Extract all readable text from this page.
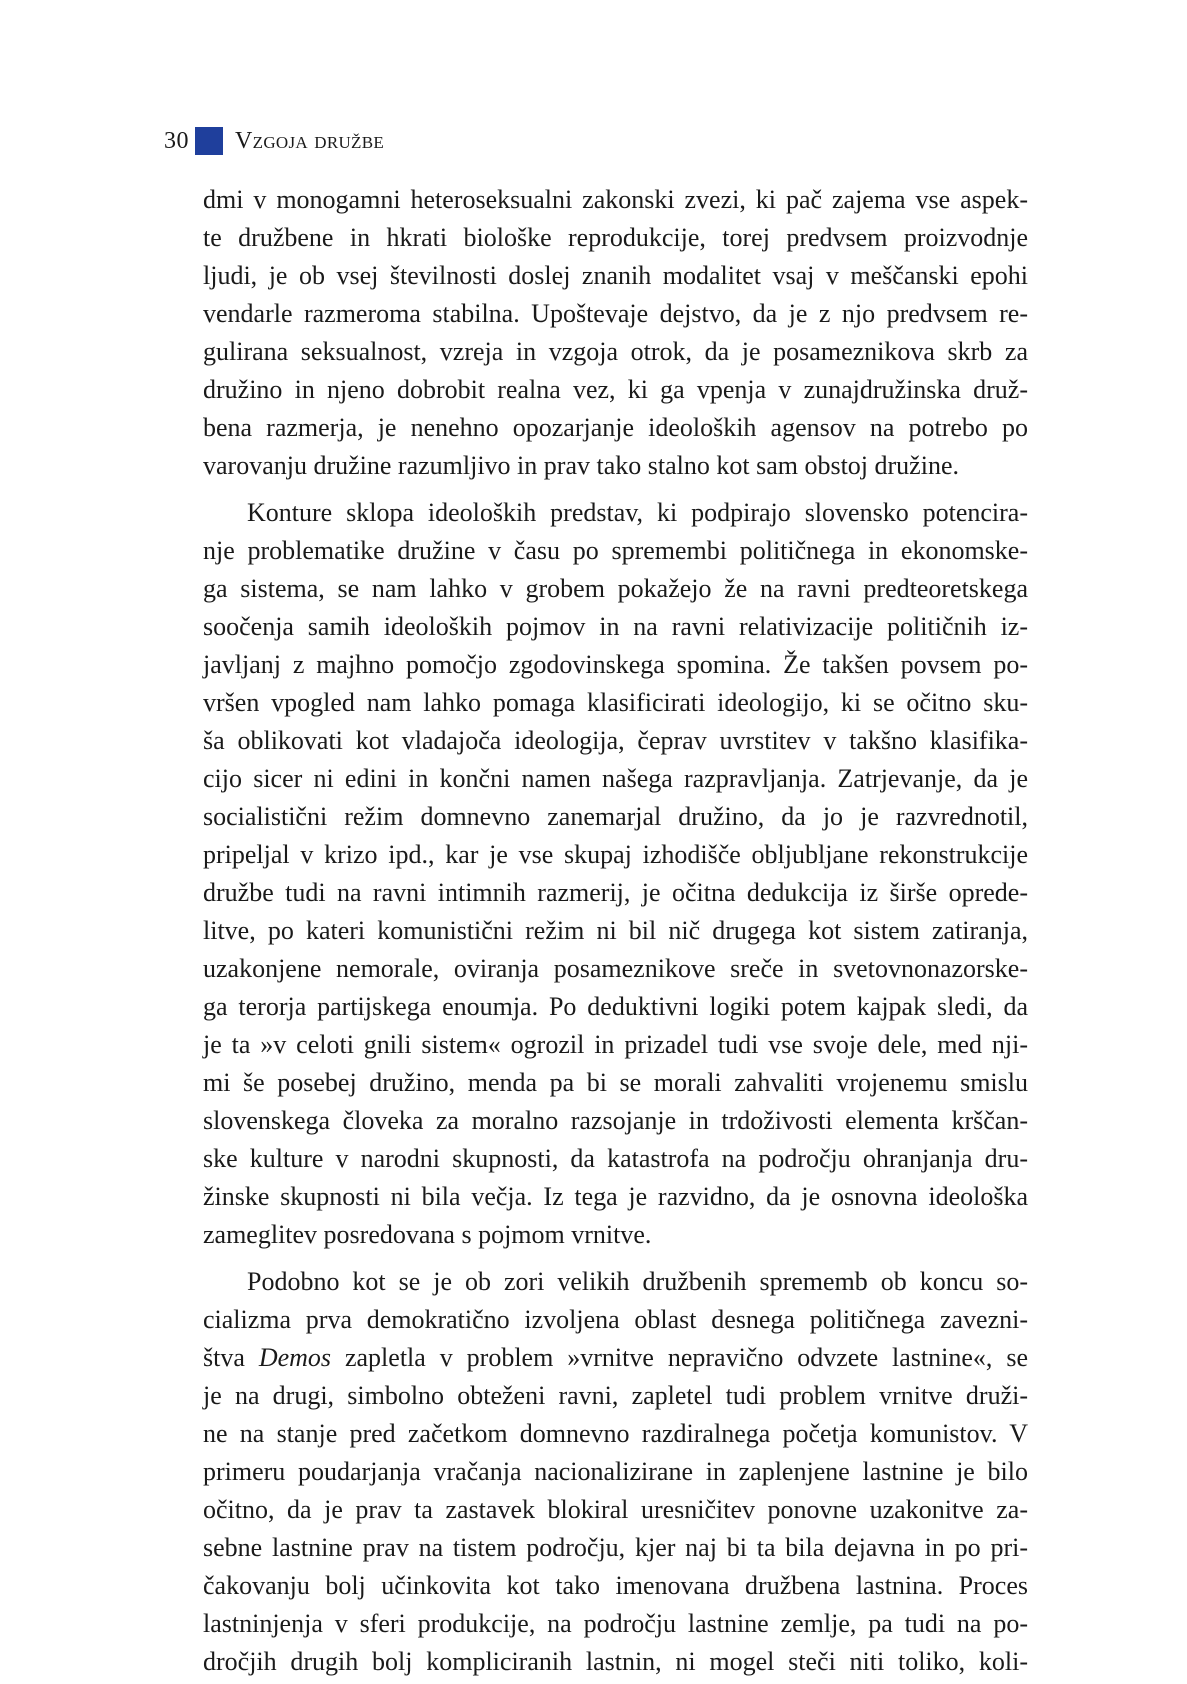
30 Vzgoja družbe
dmi v monogamni heteroseksualni zakonski zvezi, ki pač zajema vse aspek-
te družbene in hkrati biološke reprodukcije, torej predvsem proizvodnje
ljudi, je ob vsej številnosti doslej znanih modalitet vsaj v meščanski epohi
vendarle razmeroma stabilna. Upoštevaje dejstvo, da je z njo predvsem re-
gulirana seksualnost, vzreja in vzgoja otrok, da je posameznikova skrb za
družino in njeno dobrobit realna vez, ki ga vpenja v zunajdružinska druž-
bena razmerja, je nenehno opozarjanje ideoloških agensov na potrebo po
varovanju družine razumljivo in prav tako stalno kot sam obstoj družine.
Konture sklopa ideoloških predstav, ki podpirajo slovensko potencira-
nje problematike družine v času po spremembi političnega in ekonomske-
ga sistema, se nam lahko v grobem pokažejo že na ravni predteoretskega
soočenja samih ideoloških pojmov in na ravni relativizacije političnih iz-
javljanj z majhno pomočjo zgodovinskega spomina. Že takšen povsem po-
vršen vpogled nam lahko pomaga klasificirati ideologijo, ki se očitno sku-
ša oblikovati kot vladajoča ideologija, čeprav uvrstitev v takšno klasifika-
cijo sicer ni edini in končni namen našega razpravljanja. Zatrjevanje, da je
socialistični režim domnevno zanemarjal družino, da jo je razvrednotil,
pripeljal v krizo ipd., kar je vse skupaj izhodišče obljubljane rekonstrukcije
družbe tudi na ravni intimnih razmerij, je očitna dedukcija iz širše opredе-
litve, po kateri komunistični režim ni bil nič drugega kot sistem zatiranja,
uzakonjene nemorale, oviranja posameznikove sreče in svetovnonazorske-
ga terorja partijskega enoumja. Po deduktivni logiki potem kajpak sledi, da
je ta »v celoti gnili sistem« ogrozil in prizadel tudi vse svoje dele, med nji-
mi še posebej družino, menda pa bi se morali zahvaliti vrojenemu smislu
slovenskega človeka za moralno razsojanje in trdoživosti elementa krščan-
ske kulture v narodni skupnosti, da katastrofa na področju ohranjanja dru-
žinske skupnosti ni bila večja. Iz tega je razvidno, da je osnovna ideološka
zameglitev posredovana s pojmom vrnitve.
Podobno kot se je ob zori velikih družbenih sprememb ob koncu so-
cializma prva demokratično izvoljena oblast desnega političnega zavezni-
štva Demos zapletla v problem »vrnitve nepravično odvzete lastnine«, se
je na drugi, simbolno obteženi ravni, zapletel tudi problem vrnitve druži-
ne na stanje pred začetkom domnevno razdiralnega početja komunistov. V
primeru poudarjanja vračanja nacionalizirane in zaplenjene lastnine je bilo
očitno, da je prav ta zastavek blokiral uresničitev ponovne uzakonitve za-
sebne lastnine prav na tistem področju, kjer naj bi ta bila dejavna in po pri-
čakovanju bolj učinkovita kot tako imenovana družbena lastnina. Proces
lastninjenja v sferi produkcije, na področju lastnine zemlje, pa tudi na po-
dročjih drugih bolj kompliciranih lastnin, ni mogel steči niti toliko, koli-
